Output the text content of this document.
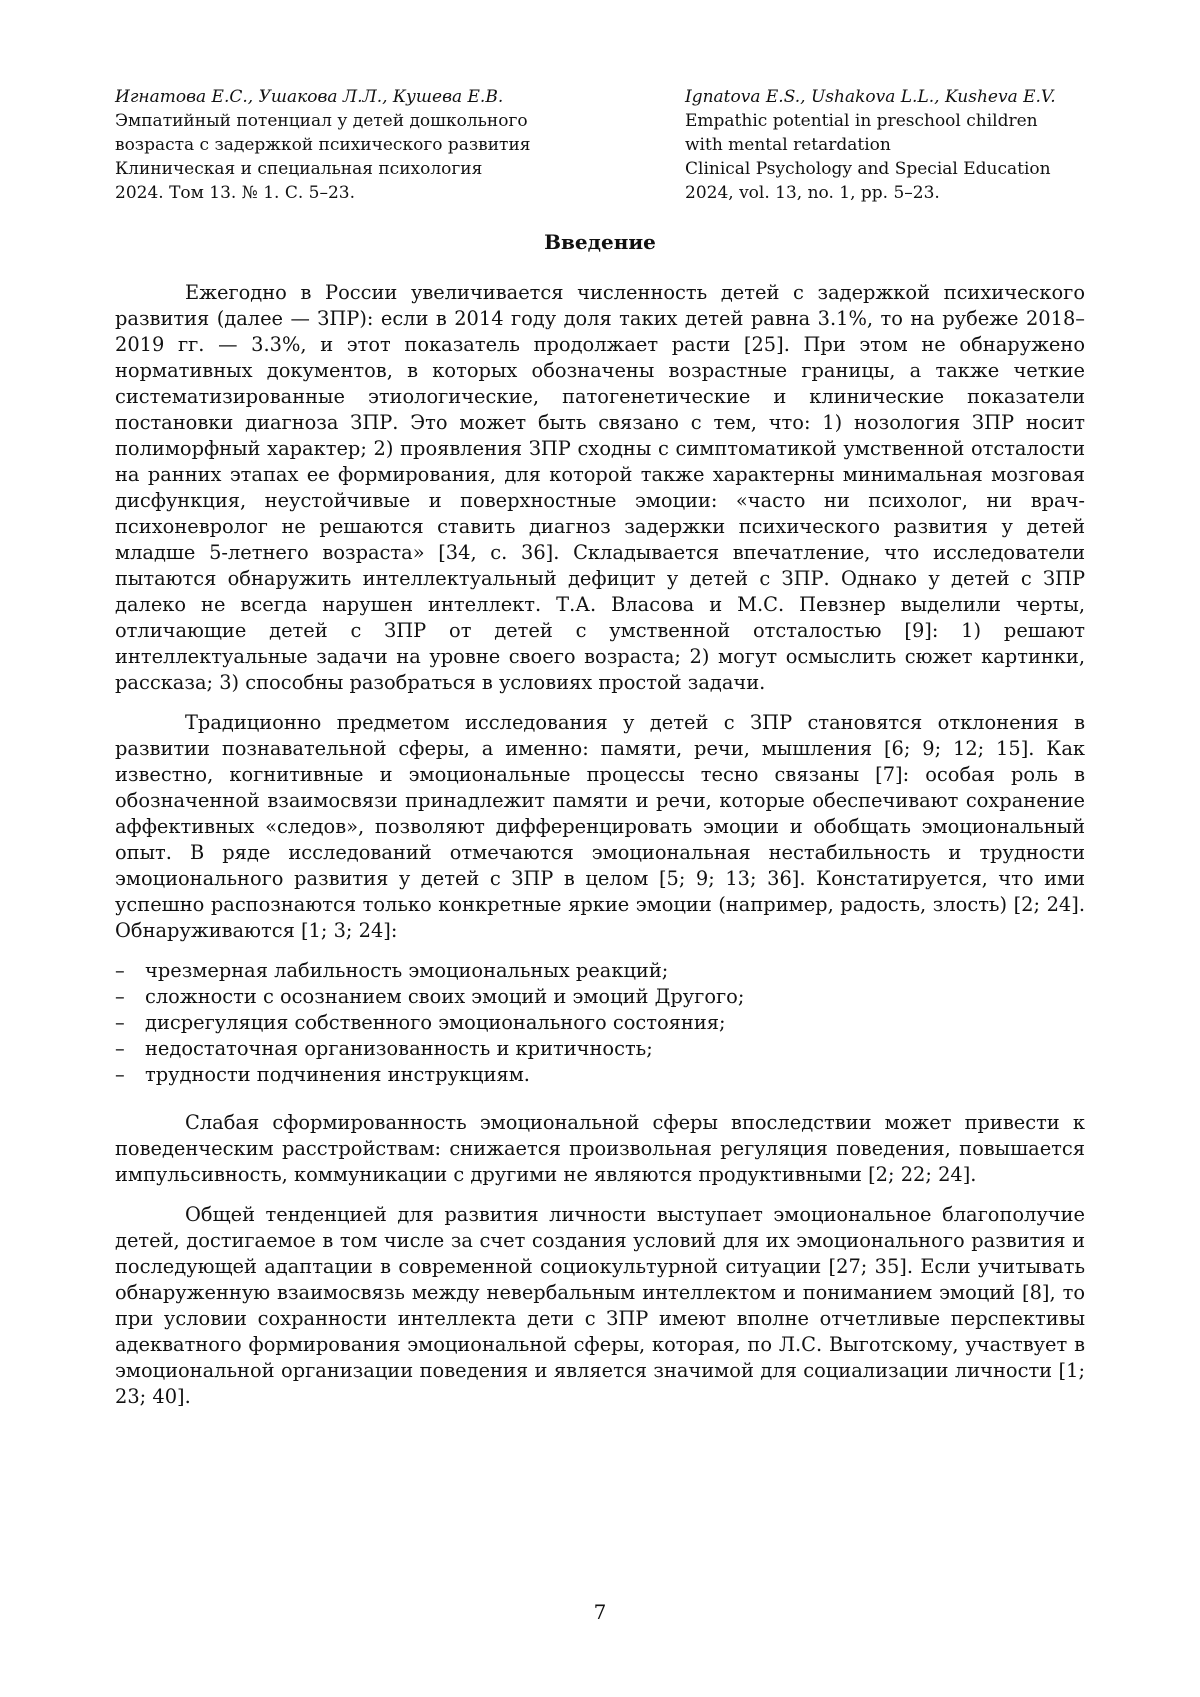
Игнатова Е.С., Ушакова Л.Л., Кушева Е.В.
Эмпатийный потенциал у детей дошкольного
возраста с задержкой психического развития
Клиническая и специальная психология
2024. Том 13. № 1. С. 5–23.
Ignatova E.S., Ushakova L.L., Kusheva E.V.
Empathic potential in preschool children
with mental retardation
Clinical Psychology and Special Education
2024, vol. 13, no. 1, pp. 5–23.
Введение

Ежегодно в России увеличивается численность детей с задержкой психического развития (далее — ЗПР): если в 2014 году доля таких детей равна 3.1%, то на рубеже 2018–2019 гг. — 3.3%, и этот показатель продолжает расти [25]. При этом не обнаружено нормативных документов, в которых обозначены возрастные границы, а также четкие систематизированные этиологические, патогенетические и клинические показатели постановки диагноза ЗПР. Это может быть связано с тем, что: 1) нозология ЗПР носит полиморфный характер; 2) проявления ЗПР сходны с симптоматикой умственной отсталости на ранних этапах ее формирования, для которой также характерны минимальная мозговая дисфункция, неустойчивые и поверхностные эмоции: «часто ни психолог, ни врач-психоневролог не решаются ставить диагноз задержки психического развития у детей младше 5-летнего возраста» [34, с. 36]. Складывается впечатление, что исследователи пытаются обнаружить интеллектуальный дефицит у детей с ЗПР. Однако у детей с ЗПР далеко не всегда нарушен интеллект. Т.А. Власова и М.С. Певзнер выделили черты, отличающие детей с ЗПР от детей с умственной отсталостью [9]: 1) решают интеллектуальные задачи на уровне своего возраста; 2) могут осмыслить сюжет картинки, рассказа; 3) способны разобраться в условиях простой задачи.

Традиционно предметом исследования у детей с ЗПР становятся отклонения в развитии познавательной сферы, а именно: памяти, речи, мышления [6; 9; 12; 15]. Как известно, когнитивные и эмоциональные процессы тесно связаны [7]: особая роль в обозначенной взаимосвязи принадлежит памяти и речи, которые обеспечивают сохранение аффективных «следов», позволяют дифференцировать эмоции и обобщать эмоциональный опыт. В ряде исследований отмечаются эмоциональная нестабильность и трудности эмоционального развития у детей с ЗПР в целом [5; 9; 13; 36]. Констатируется, что ими успешно распознаются только конкретные яркие эмоции (например, радость, злость) [2; 24]. Обнаруживаются [1; 3; 24]:

– чрезмерная лабильность эмоциональных реакций;
– сложности с осознанием своих эмоций и эмоций Другого;
– дисрегуляция собственного эмоционального состояния;
– недостаточная организованность и критичность;
– трудности подчинения инструкциям.

Слабая сформированность эмоциональной сферы впоследствии может привести к поведенческим расстройствам: снижается произвольная регуляция поведения, повышается импульсивность, коммуникации с другими не являются продуктивными [2; 22; 24].

Общей тенденцией для развития личности выступает эмоциональное благополучие детей, достигаемое в том числе за счет создания условий для их эмоционального развития и последующей адаптации в современной социокультурной ситуации [27; 35]. Если учитывать обнаруженную взаимосвязь между невербальным интеллектом и пониманием эмоций [8], то при условии сохранности интеллекта дети с ЗПР имеют вполне отчетливые перспективы адекватного формирования эмоциональной сферы, которая, по Л.С. Выготскому, участвует в эмоциональной организации поведения и является значимой для социализации личности [1; 23; 40].

7
